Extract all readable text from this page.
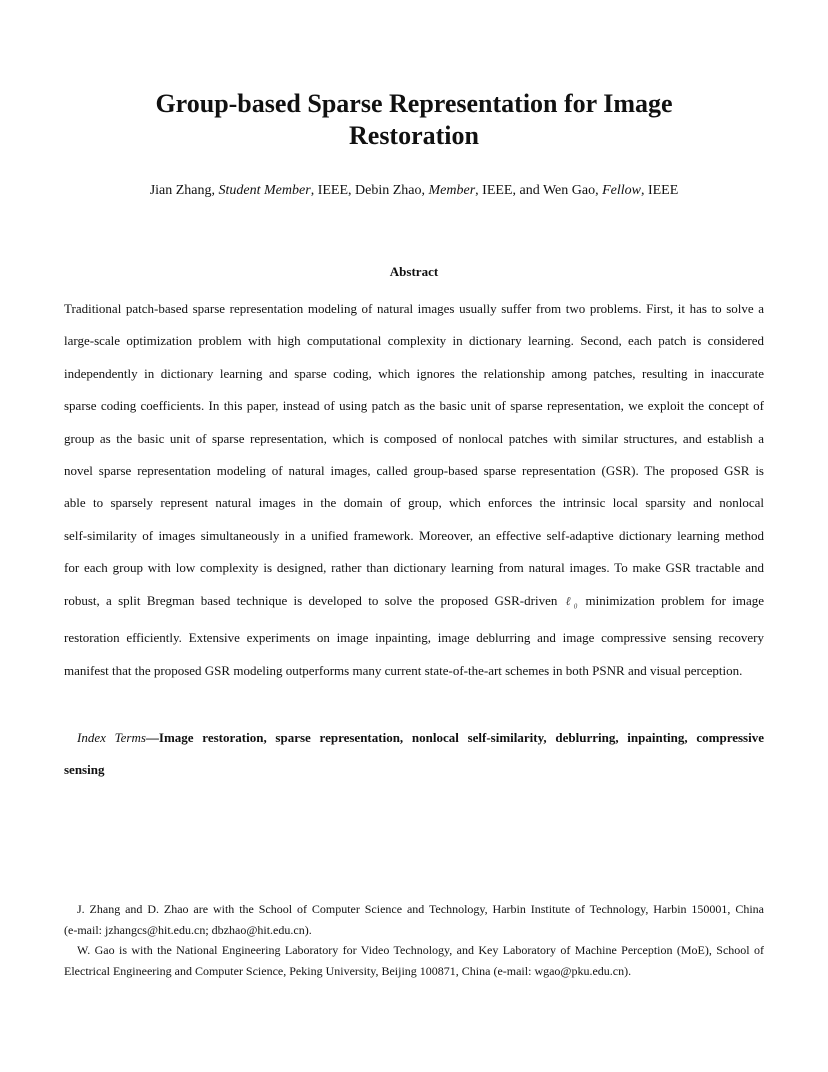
Group-based Sparse Representation for Image
Restoration

Jian Zhang, Student Member, IEEE, Debin Zhao, Member, IEEE, and Wen Gao, Fellow, IEEE

Abstract
Traditional patch-based sparse representation modeling of natural images usually suffer from two problems. First, it has to solve a
large-scale optimization problem with high computational complexity in dictionary learning. Second, each patch is considered
independently in dictionary learning and sparse coding, which ignores the relationship among patches, resulting in inaccurate
sparse coding coefficients. In this paper, instead of using patch as the basic unit of sparse representation, we exploit the concept of
group as the basic unit of sparse representation, which is composed of nonlocal patches with similar structures, and establish a
novel sparse representation modeling of natural images, called group-based sparse representation (GSR). The proposed GSR is
able to sparsely represent natural images in the domain of group, which enforces the intrinsic local sparsity and nonlocal
self-similarity of images simultaneously in a unified framework. Moreover, an effective self-adaptive dictionary learning method
for each group with low complexity is designed, rather than dictionary learning from natural images. To make GSR tractable and
robust, a split Bregman based technique is developed to solve the proposed GSR-driven ℓ$_0$ minimization problem for image
restoration efficiently. Extensive experiments on image inpainting, image deblurring and image compressive sensing recovery
manifest that the proposed GSR modeling outperforms many current state-of-the-art schemes in both PSNR and visual perception.
Index Terms—Image restoration, sparse representation, nonlocal self-similarity, deblurring, inpainting, compressive
sensing
J. Zhang and D. Zhao are with the School of Computer Science and Technology, Harbin Institute of Technology, Harbin 150001, China
(e-mail: jzhangcs@hit.edu.cn; dbzhao@hit.edu.cn).
W. Gao is with the National Engineering Laboratory for Video Technology, and Key Laboratory of Machine Perception (MoE), School of
Electrical Engineering and Computer Science, Peking University, Beijing 100871, China (e-mail: wgao@pku.edu.cn).
